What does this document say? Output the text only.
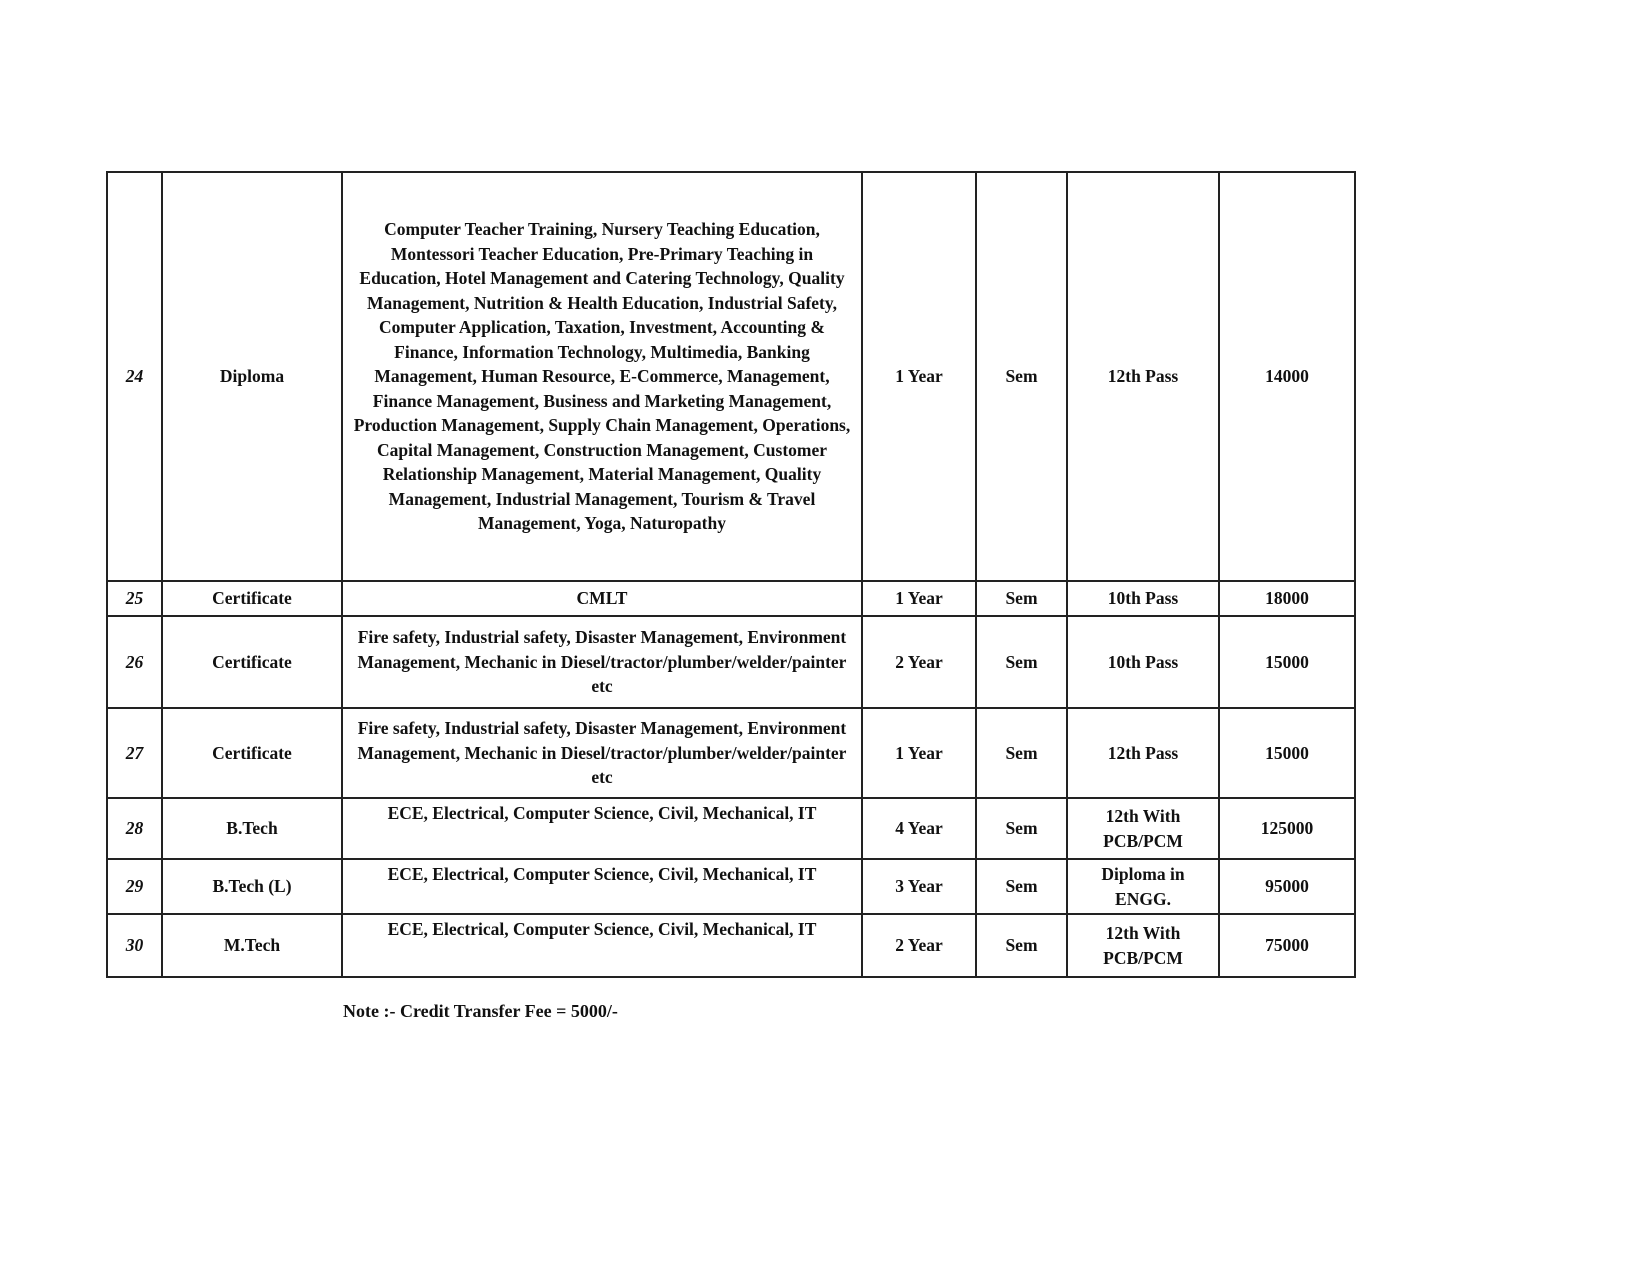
24	Diploma	Computer Teacher Training, Nursery Teaching Education, Montessori Teacher Education, Pre-Primary Teaching in Education, Hotel Management and Catering Technology, Quality Management, Nutrition & Health Education, Industrial Safety, Computer Application, Taxation, Investment, Accounting & Finance, Information Technology, Multimedia, Banking Management, Human Resource, E-Commerce, Management, Finance Management, Business and Marketing Management, Production Management, Supply Chain Management, Operations, Capital Management, Construction Management, Customer Relationship Management, Material Management, Quality Management, Industrial Management, Tourism & Travel Management, Yoga, Naturopathy	1 Year	Sem	12th Pass	14000
25	Certificate	CMLT	1 Year	Sem	10th Pass	18000
26	Certificate	Fire safety, Industrial safety, Disaster Management, Environment Management, Mechanic in Diesel/tractor/plumber/welder/painter etc	2 Year	Sem	10th Pass	15000
27	Certificate	Fire safety, Industrial safety, Disaster Management, Environment Management, Mechanic in Diesel/tractor/plumber/welder/painter etc	1 Year	Sem	12th Pass	15000
28	B.Tech	ECE, Electrical, Computer Science, Civil, Mechanical, IT	4 Year	Sem	12th With PCB/PCM	125000
29	B.Tech (L)	ECE, Electrical, Computer Science, Civil, Mechanical, IT	3 Year	Sem	Diploma in ENGG.	95000
30	M.Tech	ECE, Electrical, Computer Science, Civil, Mechanical, IT	2 Year	Sem	12th With PCB/PCM	75000

Note :- Credit Transfer Fee = 5000/-
